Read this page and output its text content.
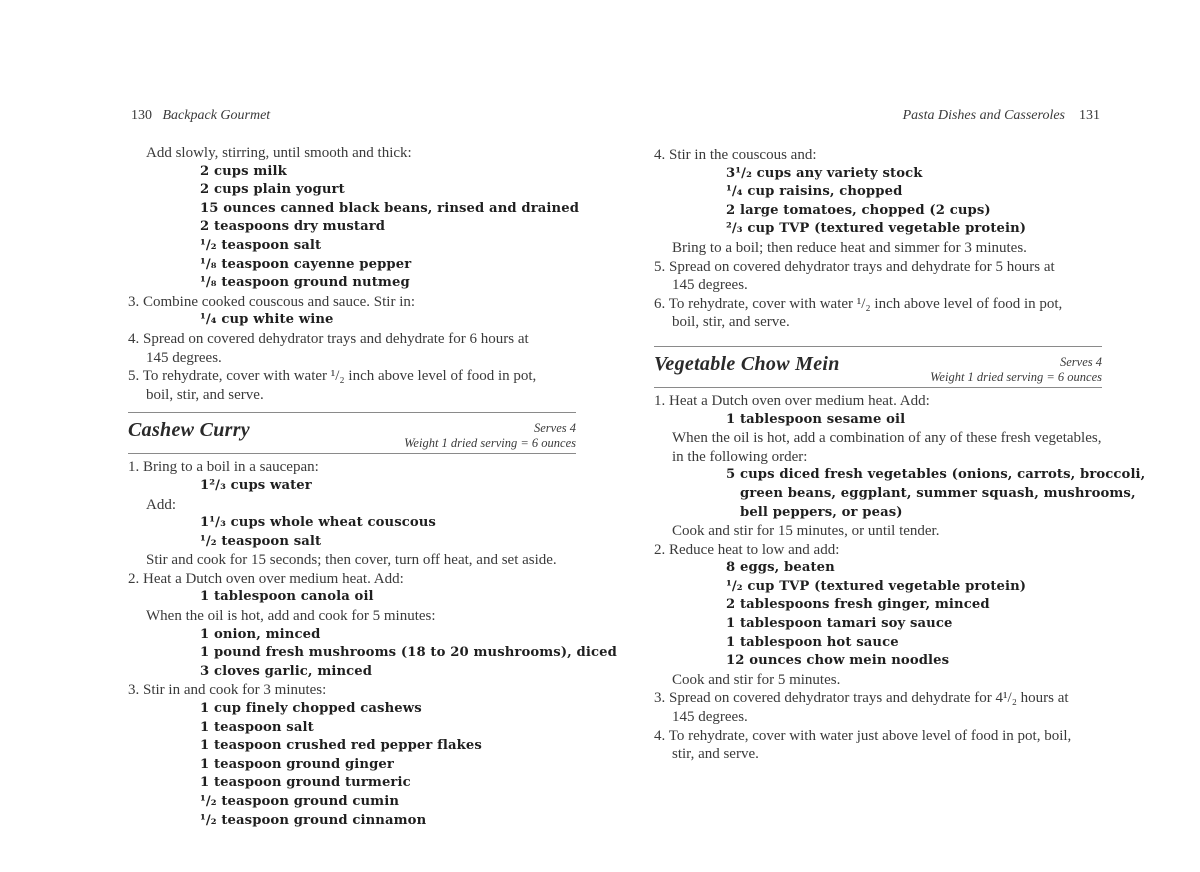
130 Backpack Gourmet
Add slowly, stirring, until smooth and thick:
2 cups milk
2 cups plain yogurt
15 ounces canned black beans, rinsed and drained
2 teaspoons dry mustard
¹/₂ teaspoon salt
¹/₈ teaspoon cayenne pepper
¹/₈ teaspoon ground nutmeg
3. Combine cooked couscous and sauce. Stir in:
¹/₄ cup white wine
4. Spread on covered dehydrator trays and dehydrate for 6 hours at
145 degrees.
5. To rehydrate, cover with water ¹/₂ inch above level of food in pot,
boil, stir, and serve.
Cashew Curry	Serves 4
Weight 1 dried serving = 6 ounces
1. Bring to a boil in a saucepan:
1²/₃ cups water
Add:
1¹/₃ cups whole wheat couscous
¹/₂ teaspoon salt
Stir and cook for 15 seconds; then cover, turn off heat, and set aside.
2. Heat a Dutch oven over medium heat. Add:
1 tablespoon canola oil
When the oil is hot, add and cook for 5 minutes:
1 onion, minced
1 pound fresh mushrooms (18 to 20 mushrooms), diced
3 cloves garlic, minced
3. Stir in and cook for 3 minutes:
1 cup finely chopped cashews
1 teaspoon salt
1 teaspoon crushed red pepper flakes
1 teaspoon ground ginger
1 teaspoon ground turmeric
¹/₂ teaspoon ground cumin
¹/₂ teaspoon ground cinnamon
Pasta Dishes and Casseroles 131
4. Stir in the couscous and:
3¹/₂ cups any variety stock
¹/₄ cup raisins, chopped
2 large tomatoes, chopped (2 cups)
²/₃ cup TVP (textured vegetable protein)
Bring to a boil; then reduce heat and simmer for 3 minutes.
5. Spread on covered dehydrator trays and dehydrate for 5 hours at
145 degrees.
6. To rehydrate, cover with water ¹/₂ inch above level of food in pot,
boil, stir, and serve.
Vegetable Chow Mein	Serves 4
Weight 1 dried serving = 6 ounces
1. Heat a Dutch oven over medium heat. Add:
1 tablespoon sesame oil
When the oil is hot, add a combination of any of these fresh vegetables,
in the following order:
5 cups diced fresh vegetables (onions, carrots, broccoli,
green beans, eggplant, summer squash, mushrooms,
bell peppers, or peas)
Cook and stir for 15 minutes, or until tender.
2. Reduce heat to low and add:
8 eggs, beaten
¹/₂ cup TVP (textured vegetable protein)
2 tablespoons fresh ginger, minced
1 tablespoon tamari soy sauce
1 tablespoon hot sauce
12 ounces chow mein noodles
Cook and stir for 5 minutes.
3. Spread on covered dehydrator trays and dehydrate for 4¹/₂ hours at
145 degrees.
4. To rehydrate, cover with water just above level of food in pot, boil,
stir, and serve.
